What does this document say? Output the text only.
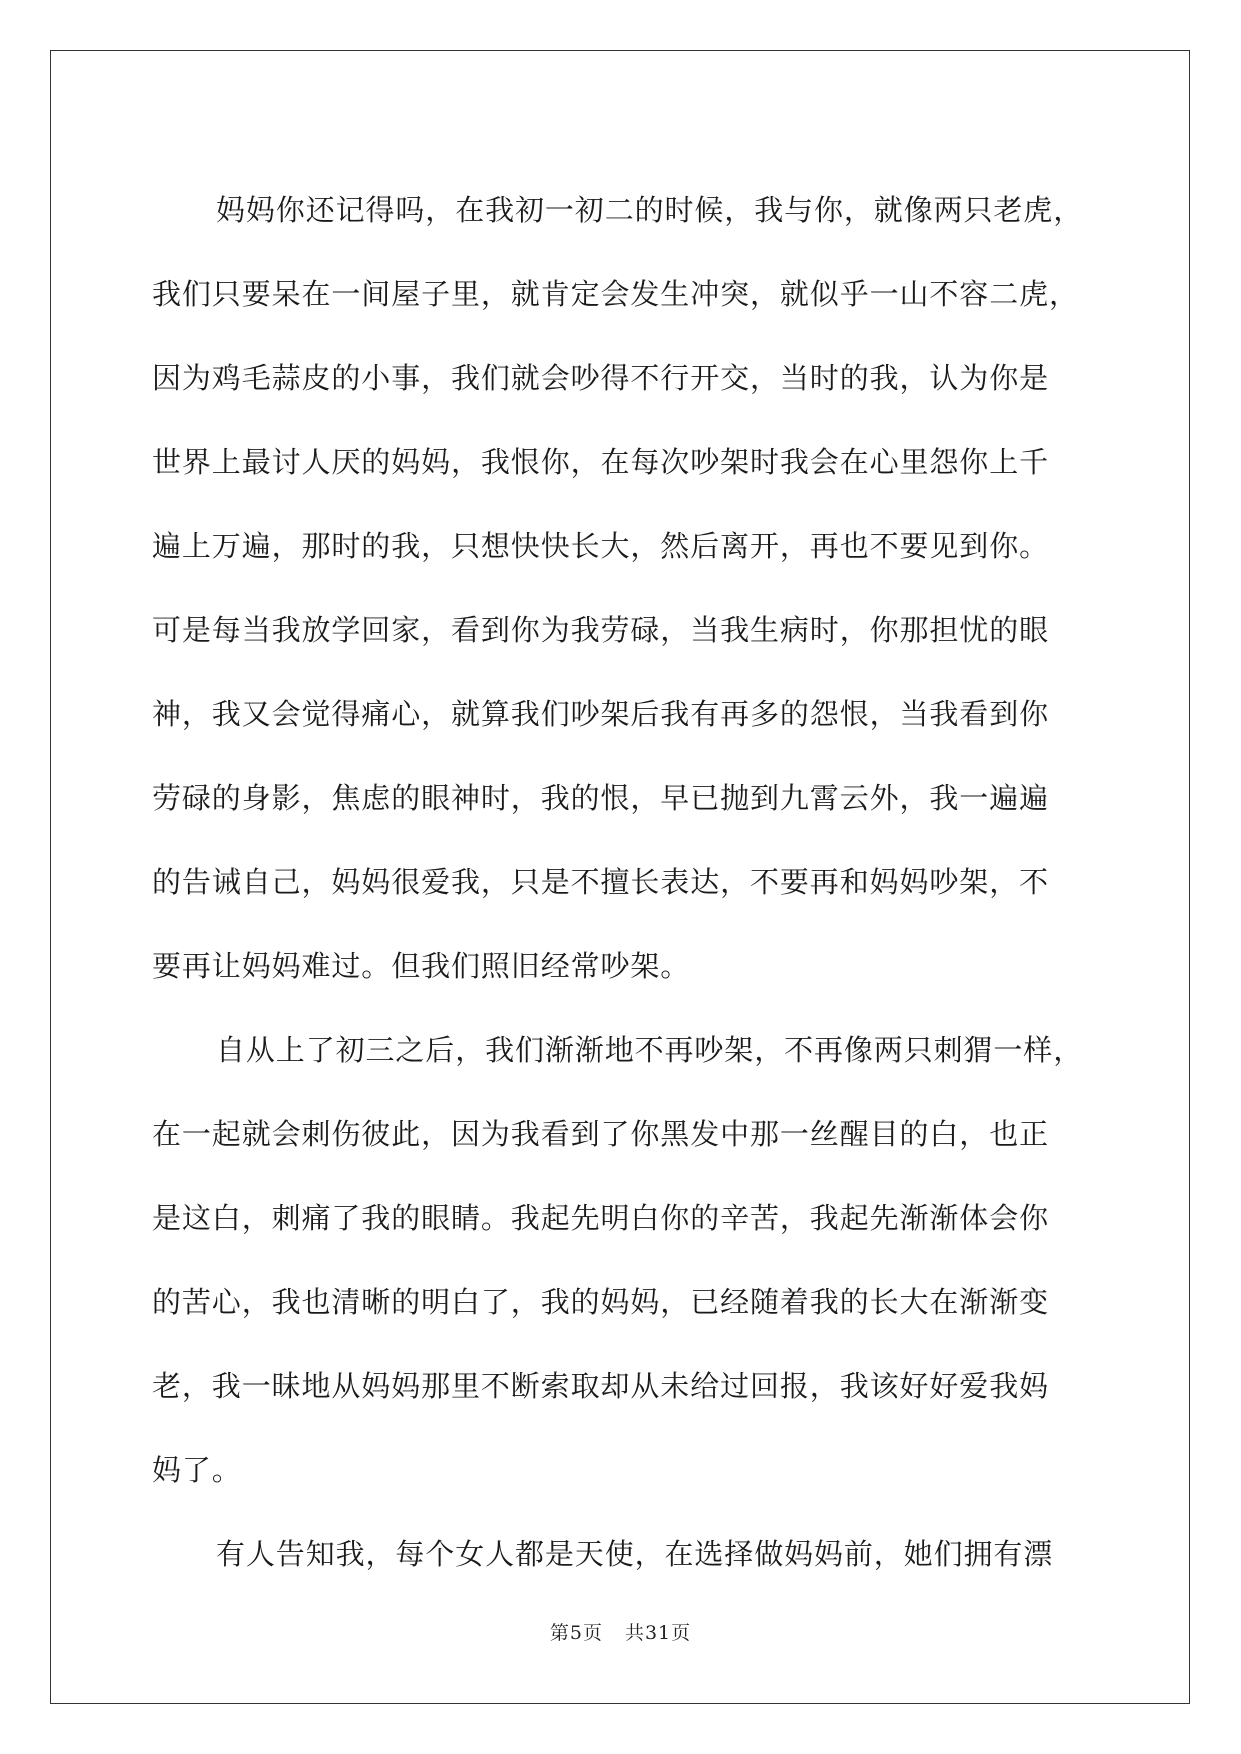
妈妈你还记得吗，在我初一初二的时候，我与你，就像两只老虎，
我们只要呆在一间屋子里，就肯定会发生冲突，就似乎一山不容二虎，
因为鸡毛蒜皮的小事，我们就会吵得不行开交，当时的我，认为你是
世界上最讨人厌的妈妈，我恨你，在每次吵架时我会在心里怨你上千
遍上万遍，那时的我，只想快快长大，然后离开，再也不要见到你。
可是每当我放学回家，看到你为我劳碌，当我生病时，你那担忧的眼
神，我又会觉得痛心，就算我们吵架后我有再多的怨恨，当我看到你
劳碌的身影，焦虑的眼神时，我的恨，早已抛到九霄云外，我一遍遍
的告诫自己，妈妈很爱我，只是不擅长表达，不要再和妈妈吵架，不
要再让妈妈难过。但我们照旧经常吵架。
自从上了初三之后，我们渐渐地不再吵架，不再像两只刺猬一样，
在一起就会刺伤彼此，因为我看到了你黑发中那一丝醒目的白，也正
是这白，刺痛了我的眼睛。我起先明白你的辛苦，我起先渐渐体会你
的苦心，我也清晰的明白了，我的妈妈，已经随着我的长大在渐渐变
老，我一昧地从妈妈那里不断索取却从未给过回报，我该好好爱我妈
妈了。
有人告知我，每个女人都是天使，在选择做妈妈前，她们拥有漂
第5页 共31页
